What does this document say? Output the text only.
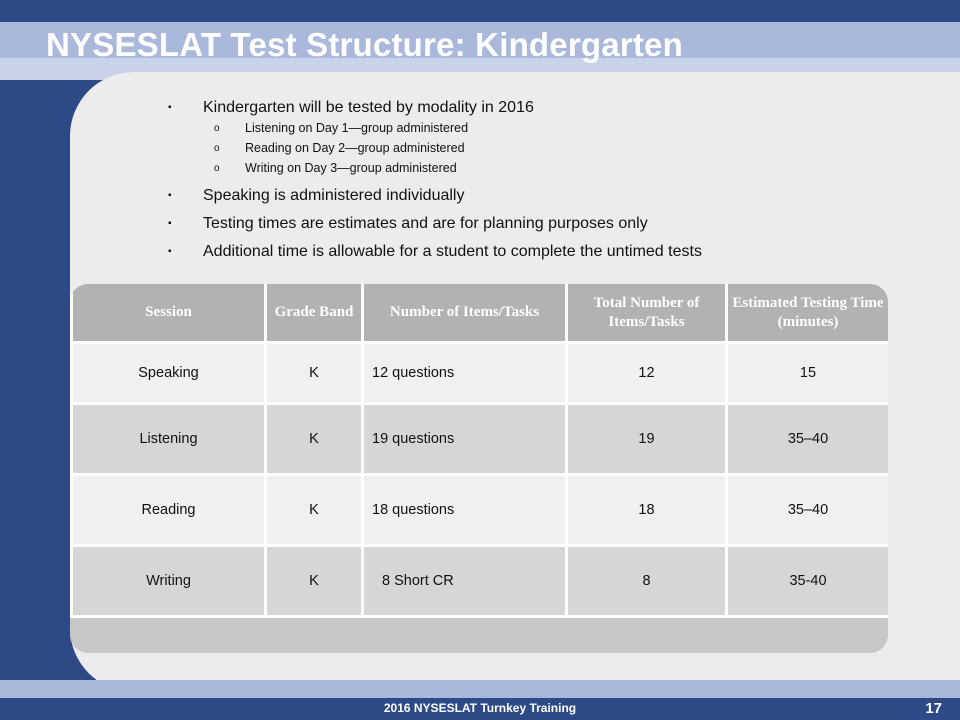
NYSESLAT Test Structure: Kindergarten

▪ Kindergarten will be tested by modality in 2016

o Listening on Day 1—group administered

o Reading on Day 2—group administered

o Writing on Day 3—group administered

▪ Speaking is administered individually

▪ Testing times are estimates and are for planning purposes only

▪ Additional time is allowable for a student to complete the untimed tests

Session	Grade Band	Number of Items/Tasks	Total Number of Items/Tasks	Estimated Testing Time (minutes)
Speaking	K	12 questions	12	15
Listening	K	19 questions	19	35–40
Reading	K	18 questions	18	35–40
Writing	K	8 Short CR	8	35-40
2016 NYSESLAT Turnkey Training	17
